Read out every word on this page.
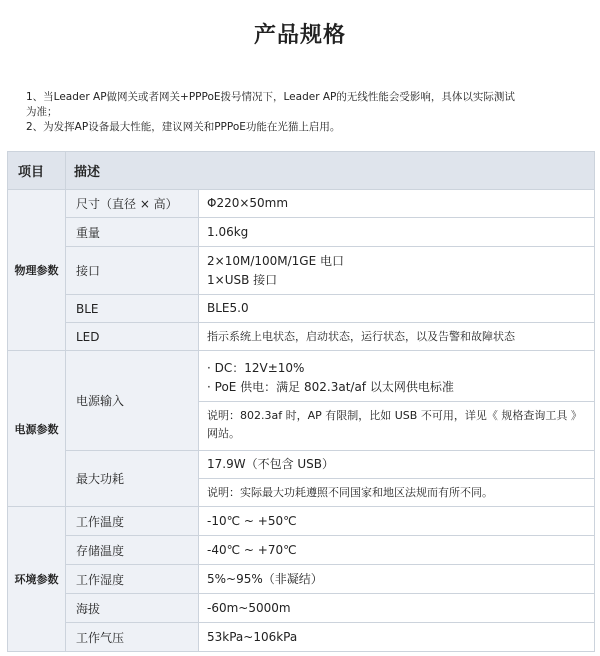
产品规格
1、当Leader AP做网关或者网关+PPPoE拨号情况下，Leader AP的无线性能会受影响，具体以实际测试
为准；
2、为发挥AP设备最大性能，建议网关和PPPoE功能在光猫上启用。
项目	描述	
物理参数	尺寸（直径 × 高）	Φ220×50mm
	重量	1.06kg
	接口	2×10M/100M/1GE 电口
1×USB 接口

	BLE	BLE5.0
	LED	指示系统上电状态，启动状态，运行状态，以及告警和故障状态
电源参数	电源输入	· DC：12V±10%
· PoE 供电：满足 802.3at/af 以太网供电标准
说明：802.3af 时，AP 有限制，比如 USB 不可用，详见《 规格查询工具 》
网站。

	最大功耗	17.9W（不包含 USB）
说明：实际最大功耗遵照不同国家和地区法规而有所不同。

环境参数	工作温度	-10℃ ~ +50℃
	存储温度	-40℃ ~ +70℃
	工作湿度	5%~95%（非凝结）
	海拔	-60m~5000m
	工作气压	53kPa~106kPa
